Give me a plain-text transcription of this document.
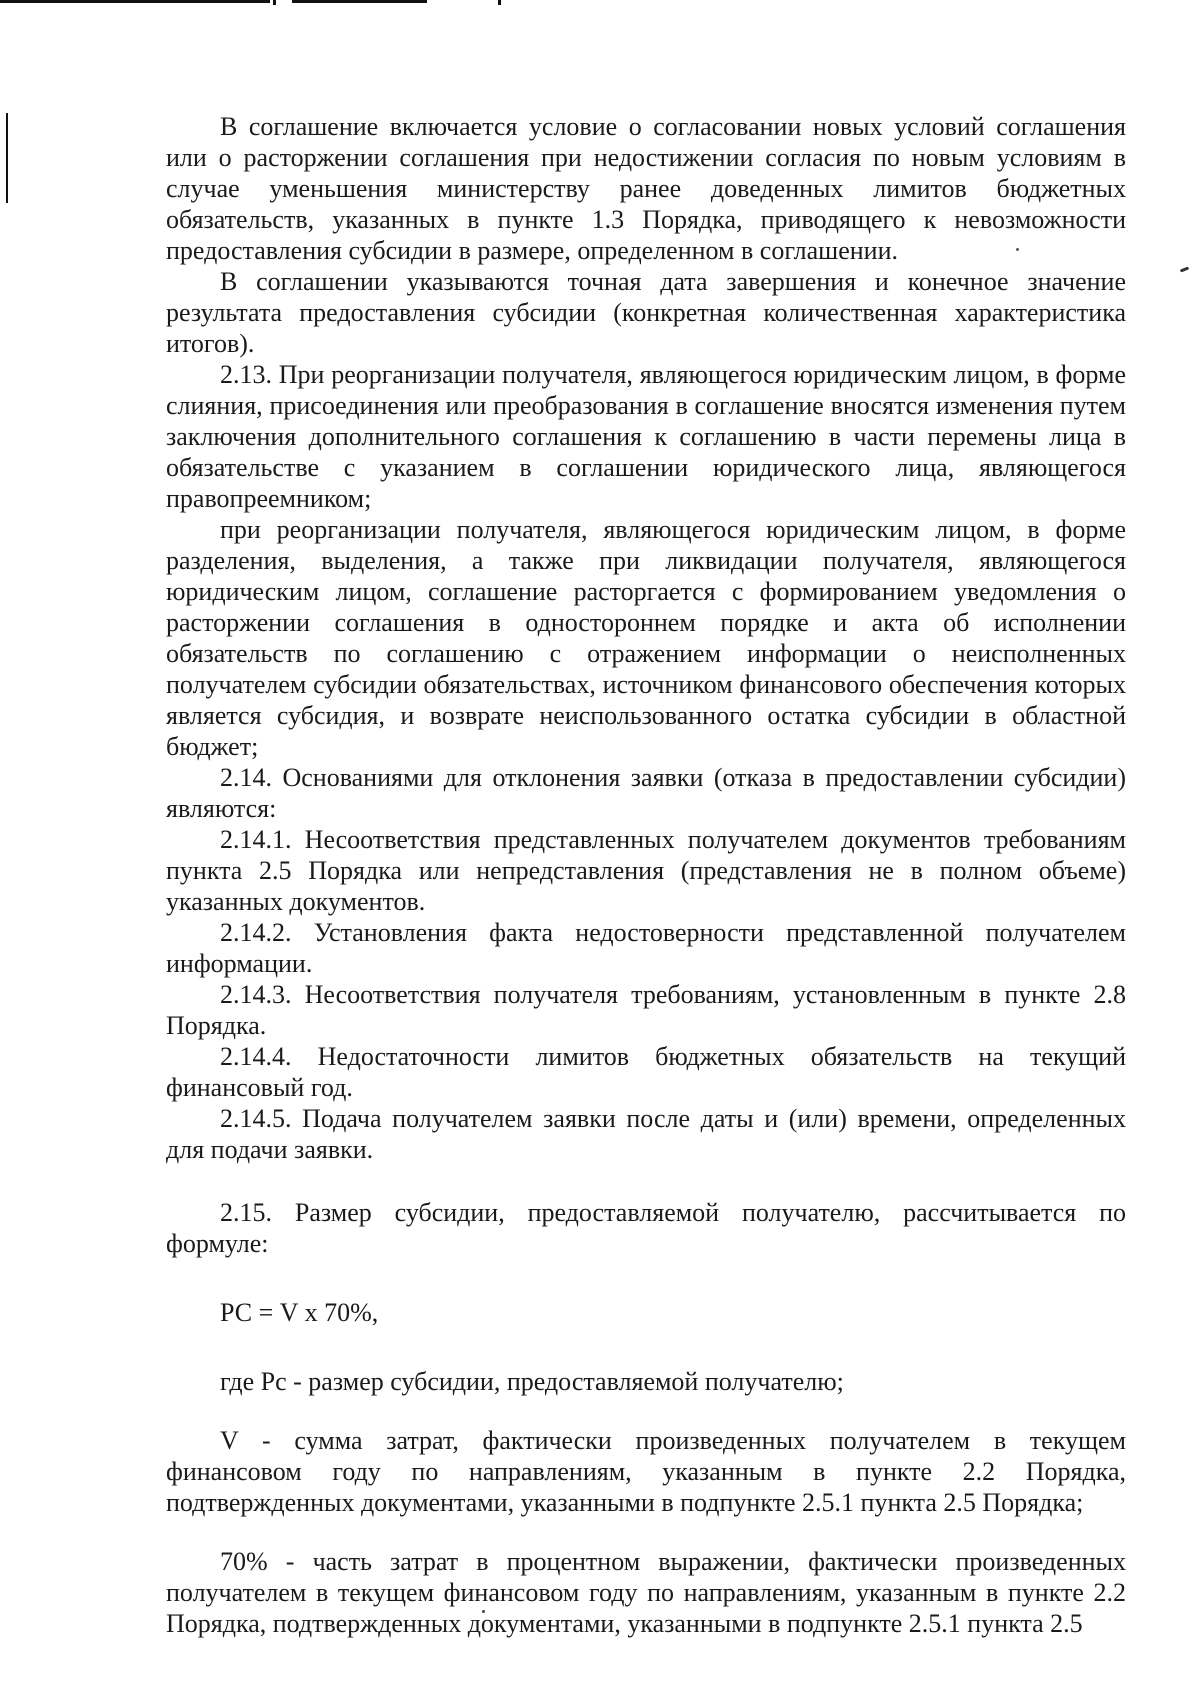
В соглашение включается условие о согласовании новых условий соглашения или о расторжении соглашения при недостижении согласия по новым условиям в случае уменьшения министерству ранее доведенных лимитов бюджетных обязательств, указанных в пункте 1.3 Порядка, приводящего к невозможности предоставления субсидии в размере, определенном в соглашении.

В соглашении указываются точная дата завершения и конечное значение результата предоставления субсидии (конкретная количественная характеристика итогов).

2.13. При реорганизации получателя, являющегося юридическим лицом, в форме слияния, присоединения или преобразования в соглашение вносятся изменения путем заключения дополнительного соглашения к соглашению в части перемены лица в обязательстве с указанием в соглашении юридического лица, являющегося правопреемником;

при реорганизации получателя, являющегося юридическим лицом, в форме разделения, выделения, а также при ликвидации получателя, являющегося юридическим лицом, соглашение расторгается с формированием уведомления о расторжении соглашения в одностороннем порядке и акта об исполнении обязательств по соглашению с отражением информации о неисполненных получателем субсидии обязательствах, источником финансового обеспечения которых является субсидия, и возврате неиспользованного остатка субсидии в областной бюджет;

2.14. Основаниями для отклонения заявки (отказа в предоставлении субсидии) являются:

2.14.1. Несоответствия представленных получателем документов требованиям пункта 2.5 Порядка или непредставления (представления не в полном объеме) указанных документов.

2.14.2. Установления факта недостоверности представленной получателем информации.

2.14.3. Несоответствия получателя требованиям, установленным в пункте 2.8 Порядка.

2.14.4. Недостаточности лимитов бюджетных обязательств на текущий финансовый год.

2.14.5. Подача получателем заявки после даты и (или) времени, определенных для подачи заявки.

2.15. Размер субсидии, предоставляемой получателю, рассчитывается по формуле:

РС = V х 70%,

где Рс - размер субсидии, предоставляемой получателю;

V - сумма затрат, фактически произведенных получателем в текущем финансовом году по направлениям, указанным в пункте 2.2 Порядка, подтвержденных документами, указанными в подпункте 2.5.1 пункта 2.5 Порядка;

70% - часть затрат в процентном выражении, фактически произведенных получателем в текущем финансовом году по направлениям, указанным в пункте 2.2 Порядка, подтвержденных документами, указанными в подпункте 2.5.1 пункта 2.5
